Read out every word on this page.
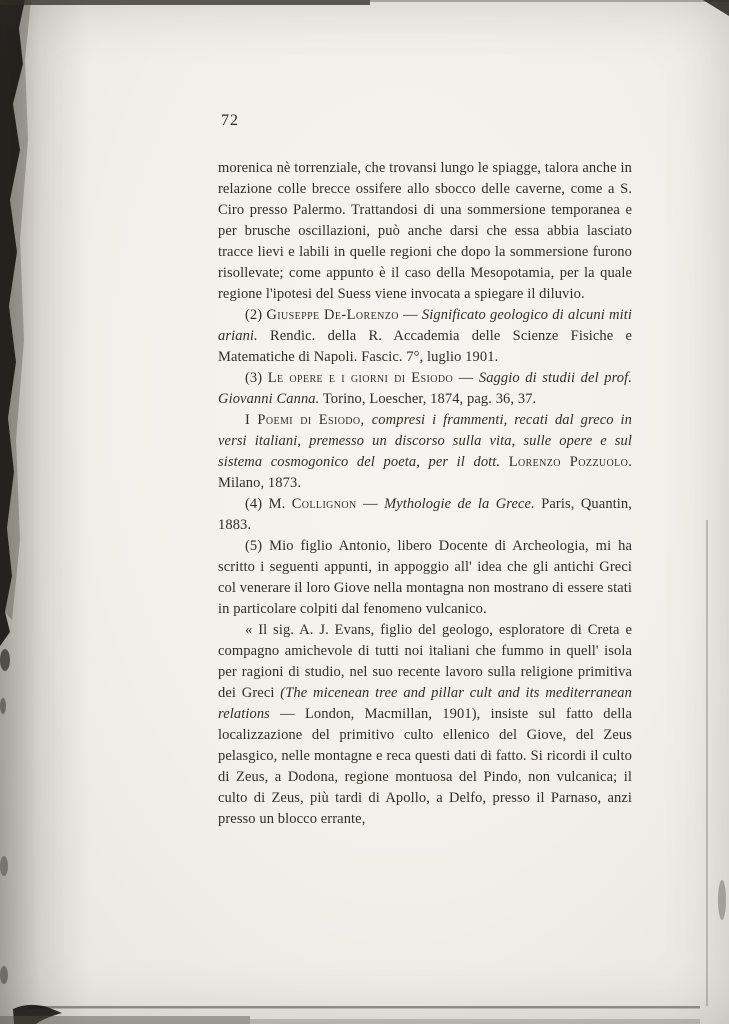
72

morenica nè torrenziale, che trovansi lungo le spiagge, talora anche in relazione colle brecce ossifere allo sbocco delle caverne, come a S. Ciro presso Palermo. Trattandosi di una sommersione temporanea e per brusche oscillazioni, può anche darsi che essa abbia lasciato tracce lievi e labili in quelle regioni che dopo la sommersione furono risollevate; come appunto è il caso della Mesopotamia, per la quale regione l'ipotesi del Suess viene invocata a spiegare il diluvio.

(2) Giuseppe De-Lorenzo — Significato geologico di alcuni miti ariani. Rendic. della R. Accademia delle Scienze Fisiche e Matematiche di Napoli. Fascic. 7°, luglio 1901.

(3) Le opere e i giorni di Esiodo — Saggio di studii del prof. Giovanni Canna. Torino, Loescher, 1874, pag. 36, 37.

I Poemi di Esiodo, compresi i frammenti, recati dal greco in versi italiani, premesso un discorso sulla vita, sulle opere e sul sistema cosmogonico del poeta, per il dott. Lorenzo Pozzuolo. Milano, 1873.

(4) M. Collignon — Mythologie de la Grece. Paris, Quantin, 1883.

(5) Mio figlio Antonio, libero Docente di Archeologia, mi ha scritto i seguenti appunti, in appoggio all' idea che gli antichi Greci col venerare il loro Giove nella montagna non mostrano di essere stati in particolare colpiti dal fenomeno vulcanico.

« Il sig. A. J. Evans, figlio del geologo, esploratore di Creta e compagno amichevole di tutti noi italiani che fummo in quell' isola per ragioni di studio, nel suo recente lavoro sulla religione primitiva dei Greci (The micenean tree and pillar cult and its mediterranean relations — London, Macmillan, 1901), insiste sul fatto della localizzazione del primitivo culto ellenico del Giove, del Zeus pelasgico, nelle montagne e reca questi dati di fatto. Si ricordi il culto di Zeus, a Dodona, regione montuosa del Pindo, non vulcanica; il culto di Zeus, più tardi di Apollo, a Delfo, presso il Parnaso, anzi presso un blocco errante,
